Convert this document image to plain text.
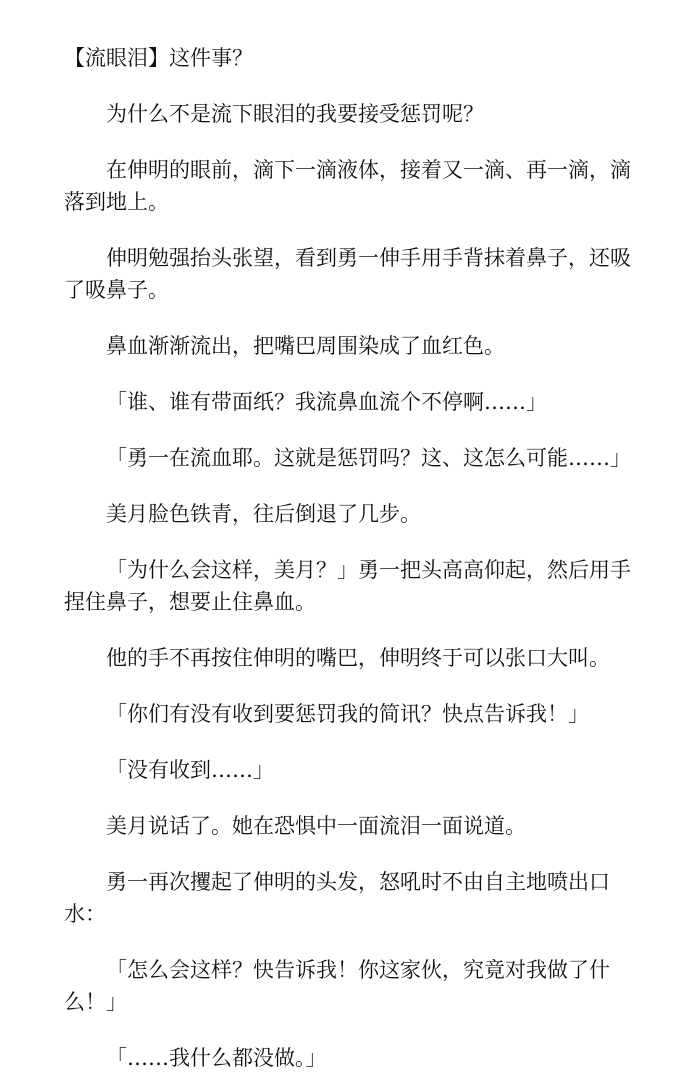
【流眼泪】这件事？

为什么不是流下眼泪的我要接受惩罚呢？

在伸明的眼前，滴下一滴液体，接着又一滴、再一滴，滴落到地上。

伸明勉强抬头张望，看到勇一伸手用手背抹着鼻子，还吸了吸鼻子。

鼻血渐渐流出，把嘴巴周围染成了血红色。

「谁、谁有带面纸？我流鼻血流个不停啊……」

「勇一在流血耶。这就是惩罚吗？这、这怎么可能……」

美月脸色铁青，往后倒退了几步。

「为什么会这样，美月？」勇一把头高高仰起，然后用手捏住鼻子，想要止住鼻血。

他的手不再按住伸明的嘴巴，伸明终于可以张口大叫。

「你们有没有收到要惩罚我的简讯？快点告诉我！」

「没有收到……」

美月说话了。她在恐惧中一面流泪一面说道。

勇一再次攫起了伸明的头发，怒吼时不由自主地喷出口水：

「怎么会这样？快告诉我！你这家伙，究竟对我做了什么！」

「……我什么都没做。」
